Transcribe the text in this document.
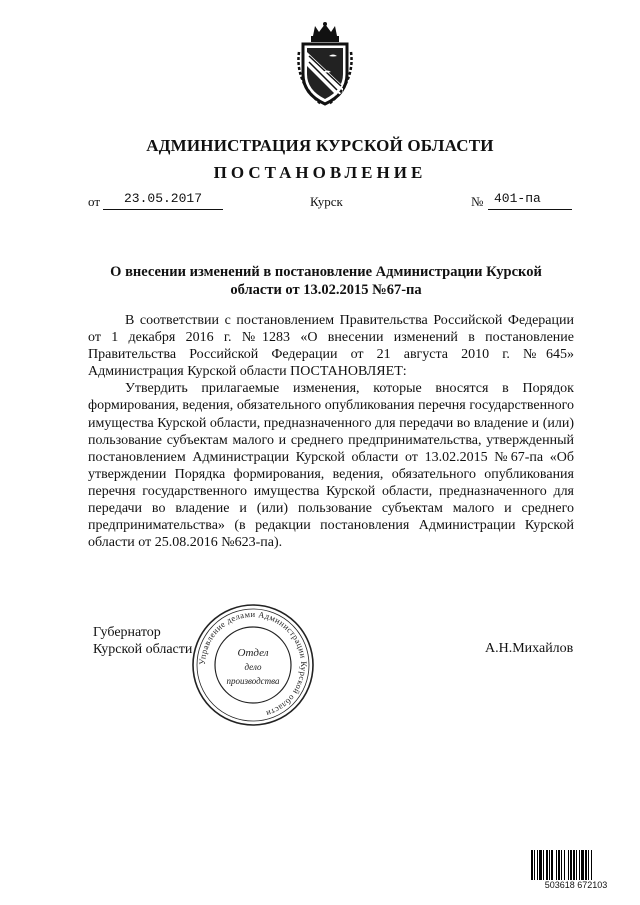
АДМИНИСТРАЦИЯ КУРСКОЙ ОБЛАСТИ
ПОСТАНОВЛЕНИЕ
от	23.05.2017	Курск	№ 401-па
О внесении изменений в постановление Администрации Курской области от 13.02.2015 №67-па

В соответствии с постановлением Правительства Российской Федерации от 1 декабря 2016 г. №1283 «О внесении изменений в постановление Правительства Российской Федерации от 21 августа 2010 г. №645» Администрация Курской области ПОСТАНОВЛЯЕТ:

Утвердить прилагаемые изменения, которые вносятся в Порядок формирования, ведения, обязательного опубликования перечня государственного имущества Курской области, предназначенного для передачи во владение и (или) пользование субъектам малого и среднего предпринимательства, утвержденный постановлением Администрации Курской области от 13.02.2015 №67-па «Об утверждении Порядка формирования, ведения, обязательного опубликования перечня государственного имущества Курской области, предназначенного для передачи во владение и (или) пользование субъектам малого и среднего предпринимательства» (в редакции постановления Администрации Курской области от 25.08.2016 №623-па).

Губернатор
Курской области	А.Н.Михайлов
Управление делами Администрации Курской области
Отдел
дело
производства
503618 672103
